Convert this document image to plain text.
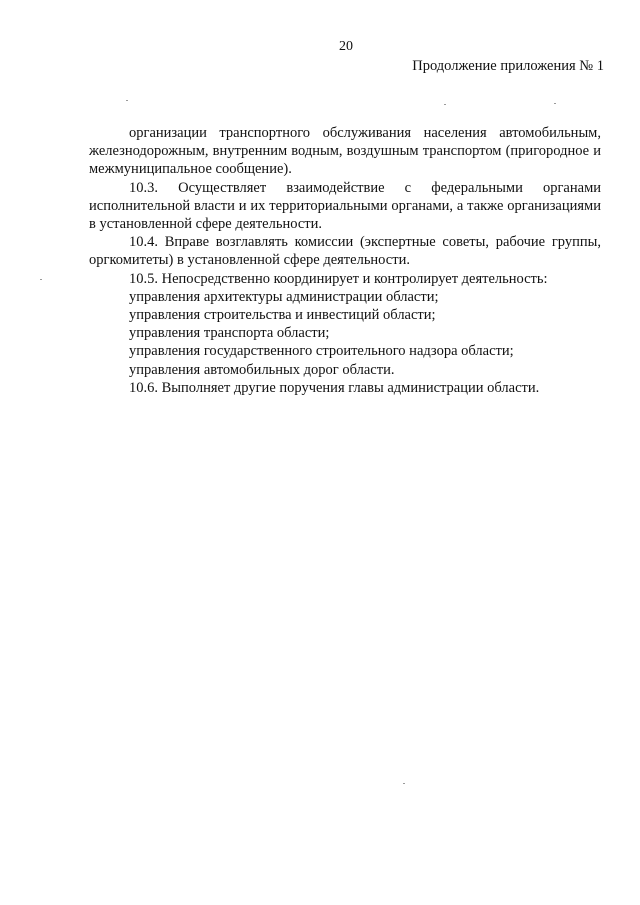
20
Продолжение приложения № 1

организации транспортного обслуживания населения автомобильным, железнодорожным, внутренним водным, воздушным транспортом (пригородное и межмуниципальное сообщение).

10.3. Осуществляет взаимодействие с федеральными органами исполнительной власти и их территориальными органами, а также организациями в установленной сфере деятельности.

10.4. Вправе возглавлять комиссии (экспертные советы, рабочие группы, оргкомитеты) в установленной сфере деятельности.

10.5. Непосредственно координирует и контролирует деятельность:

управления архитектуры администрации области;

управления строительства и инвестиций области;

управления транспорта области;

управления государственного строительного надзора области;

управления автомобильных дорог области.

10.6. Выполняет другие поручения главы администрации области.
